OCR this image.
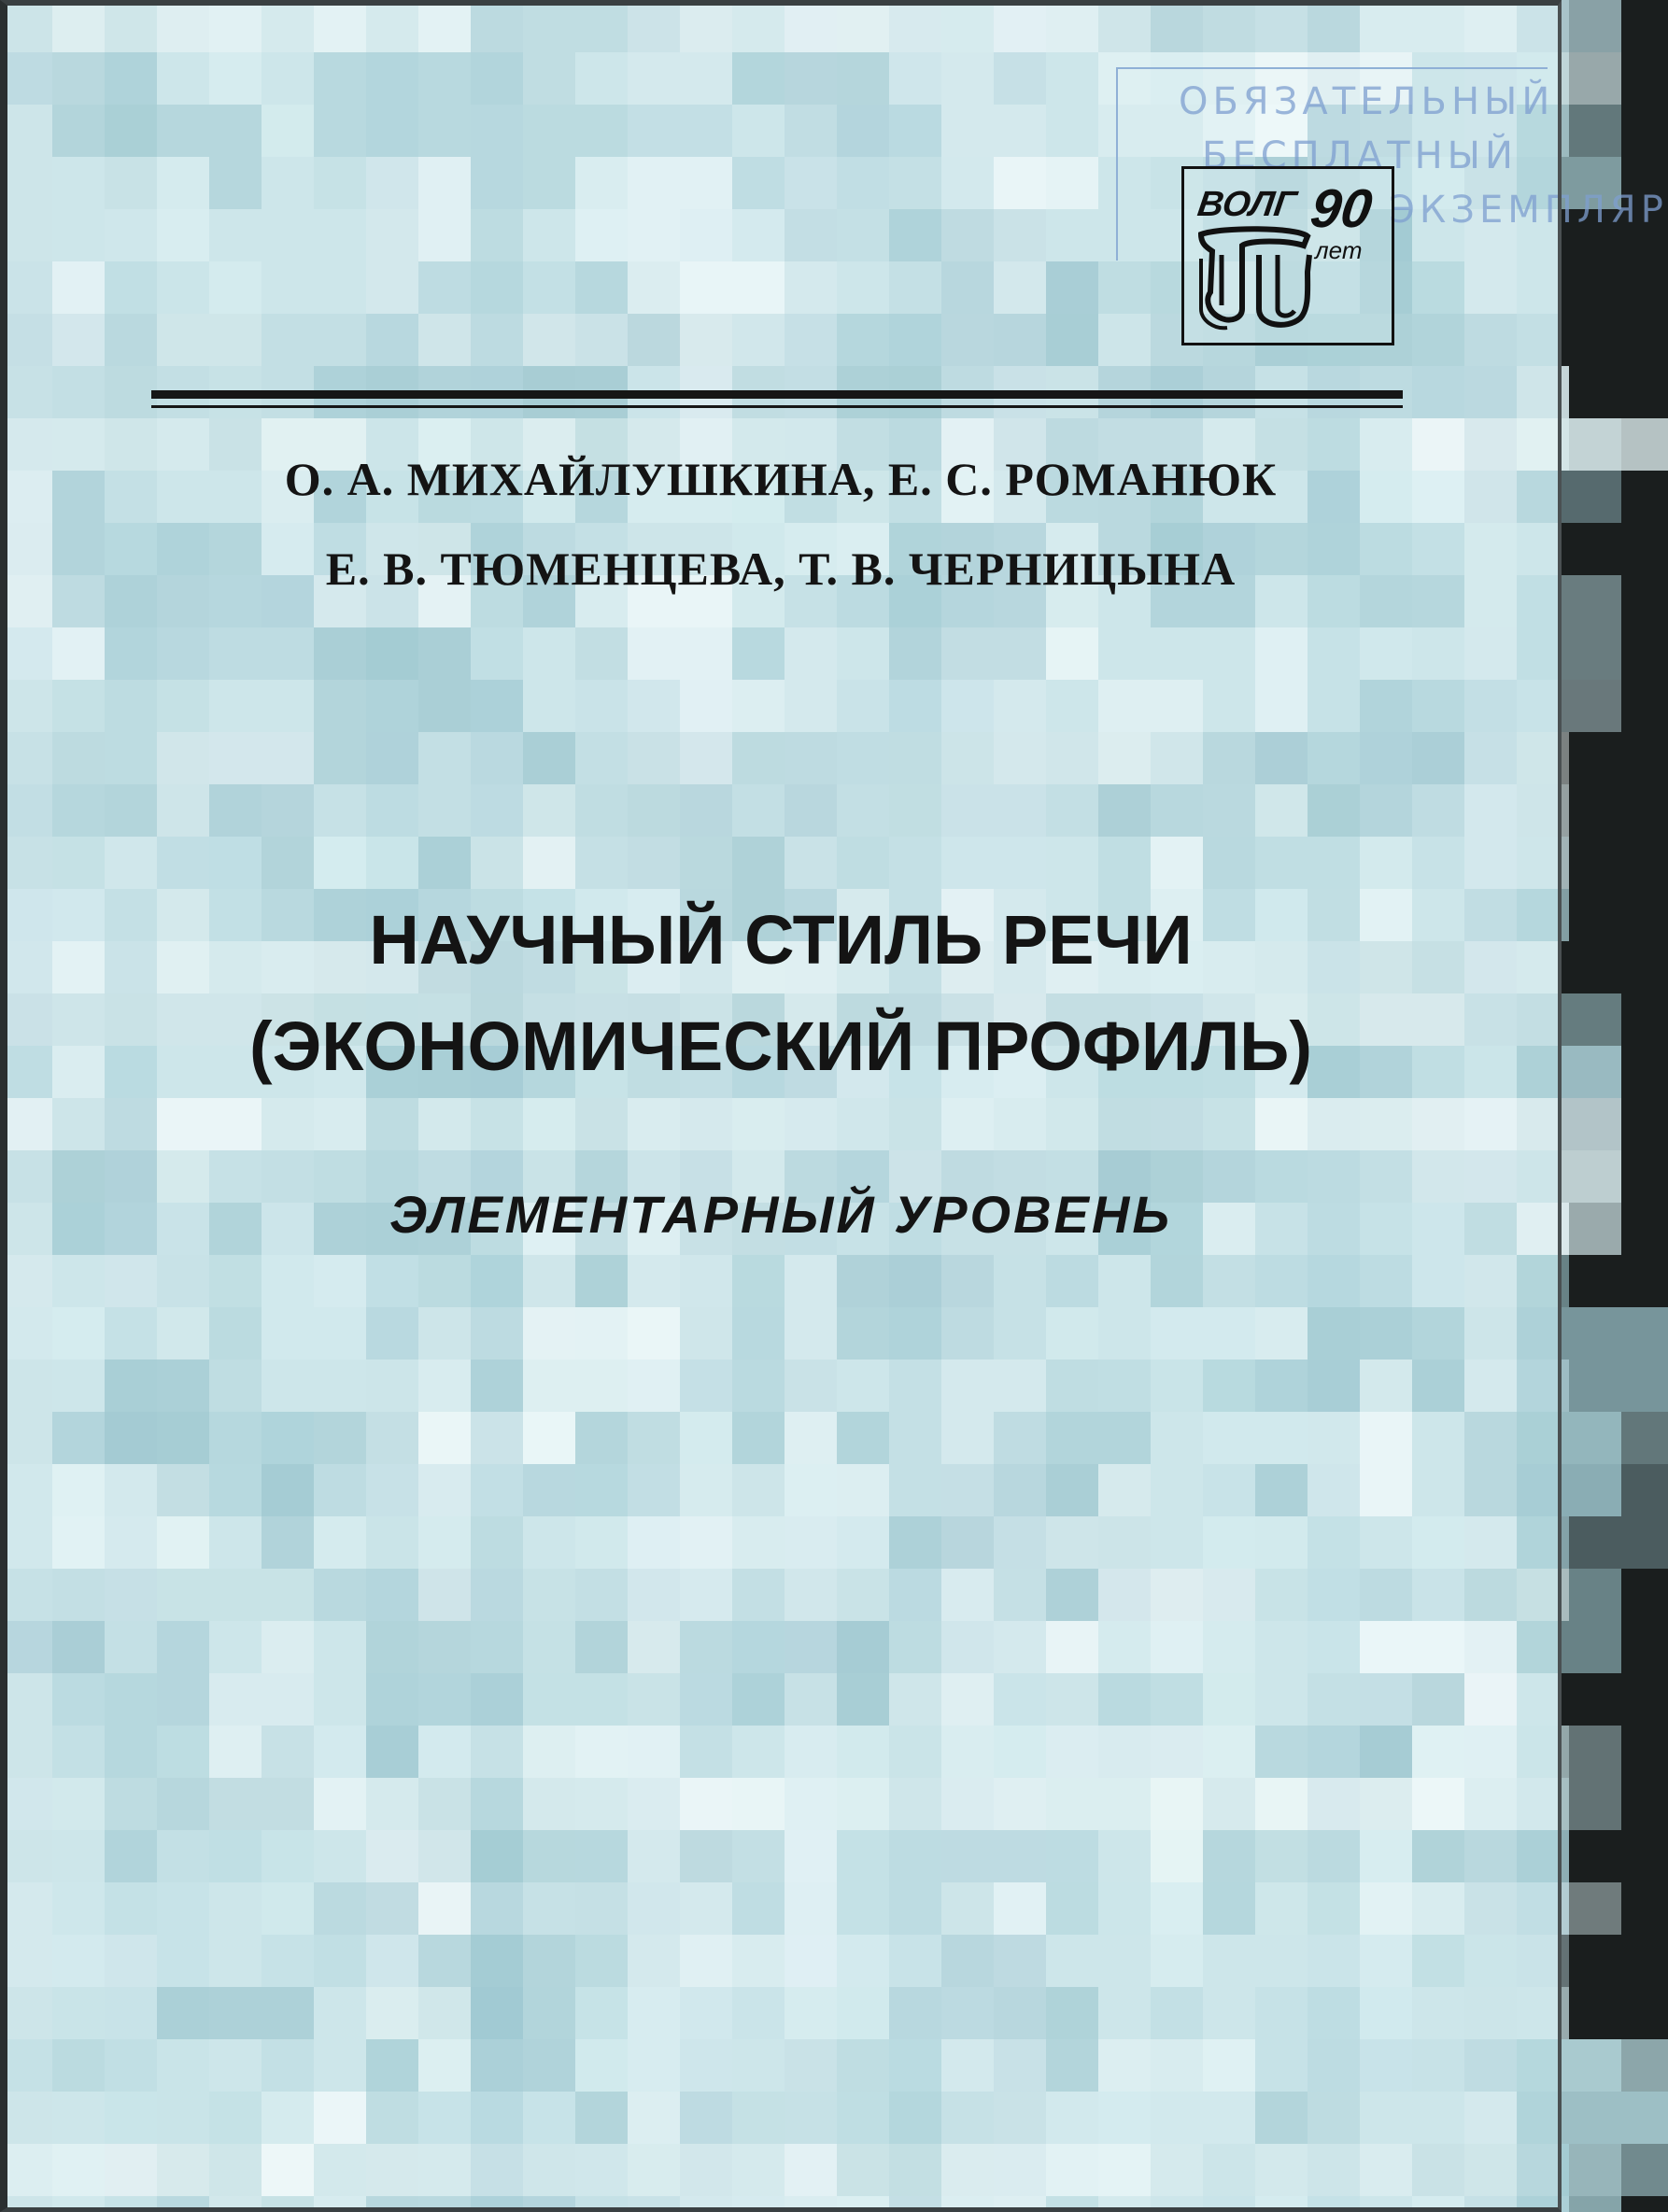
ОБЯЗАТЕЛЬНЫЙ
БЕСПЛАТНЫЙ
ЭКЗЕМПЛЯР
ВОЛГ 90
лет
О. А. МИХАЙЛУШКИНА, Е. С. РОМАНЮК
Е. В. ТЮМЕНЦЕВА, Т. В. ЧЕРНИЦЫНА
НАУЧНЫЙ СТИЛЬ РЕЧИ
(ЭКОНОМИЧЕСКИЙ ПРОФИЛЬ)
ЭЛЕМЕНТАРНЫЙ УРОВЕНЬ
